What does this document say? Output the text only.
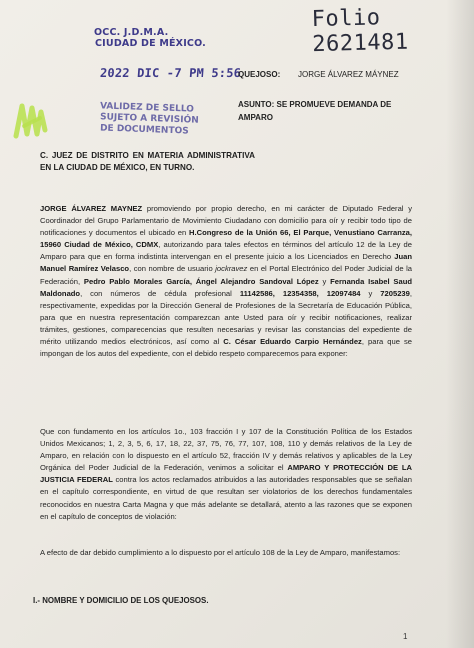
OCC. J.D.M.A.
CIUDAD DE MÉXICO.
2022 DIC -7 PM 5:56
VALIDEZ DE SELLO
SUJETO A REVISIÓN
DE DOCUMENTOS
Folio 2621481
QUEJOSO: JORGE ÁLVAREZ MÁYNEZ
ASUNTO: SE PROMUEVE DEMANDA DE AMPARO
C. JUEZ DE DISTRITO EN MATERIA ADMINISTRATIVA EN LA CIUDAD DE MÉXICO, EN TURNO.
JORGE ÁLVAREZ MAYNEZ promoviendo por propio derecho, en mi carácter de Diputado Federal y Coordinador del Grupo Parlamentario de Movimiento Ciudadano con domicilio para oír y recibir todo tipo de notificaciones y documentos el ubicado en H.Congreso de la Unión 66, El Parque, Venustiano Carranza, 15960 Ciudad de México, CDMX, autorizando para tales efectos en términos del artículo 12 de la Ley de Amparo para que en forma indistinta intervengan en el presente juicio a los Licenciados en Derecho Juan Manuel Ramírez Velasco, con nombre de usuario jockravez en el Portal Electrónico del Poder Judicial de la Federación, Pedro Pablo Morales García, Ángel Alejandro Sandoval López y Fernanda Isabel Saud Maldonado, con números de cédula profesional 11142586, 12354358, 12097484 y 7205239, respectivamente, expedidas por la Dirección General de Profesiones de la Secretaría de Educación Pública, para que en nuestra representación comparezcan ante Usted para oír y recibir notificaciones, realizar trámites, gestiones, comparecencias que resulten necesarias y revisar las constancias del expediente de mérito utilizando medios electrónicos, así como al C. César Eduardo Carpio Hernández, para que se impongan de los autos del expediente, con el debido respeto comparecemos para exponer:
Que con fundamento en los artículos 1o., 103 fracción I y 107 de la Constitución Política de los Estados Unidos Mexicanos; 1, 2, 3, 5, 6, 17, 18, 22, 37, 75, 76, 77, 107, 108, 110 y demás relativos de la Ley de Amparo, en relación con lo dispuesto en el artículo 52, fracción IV y demás relativos y aplicables de la Ley Orgánica del Poder Judicial de la Federación, venimos a solicitar el AMPARO Y PROTECCIÓN DE LA JUSTICIA FEDERAL contra los actos reclamados atribuidos a las autoridades responsables que se señalan en el capítulo correspondiente, en virtud de que resultan ser violatorios de los derechos fundamentales reconocidos en nuestra Carta Magna y que más adelante se detallará, atento a las razones que se exponen en el capítulo de conceptos de violación:
A efecto de dar debido cumplimiento a lo dispuesto por el artículo 108 de la Ley de Amparo, manifestamos:
I.- NOMBRE Y DOMICILIO DE LOS QUEJOSOS.
1
